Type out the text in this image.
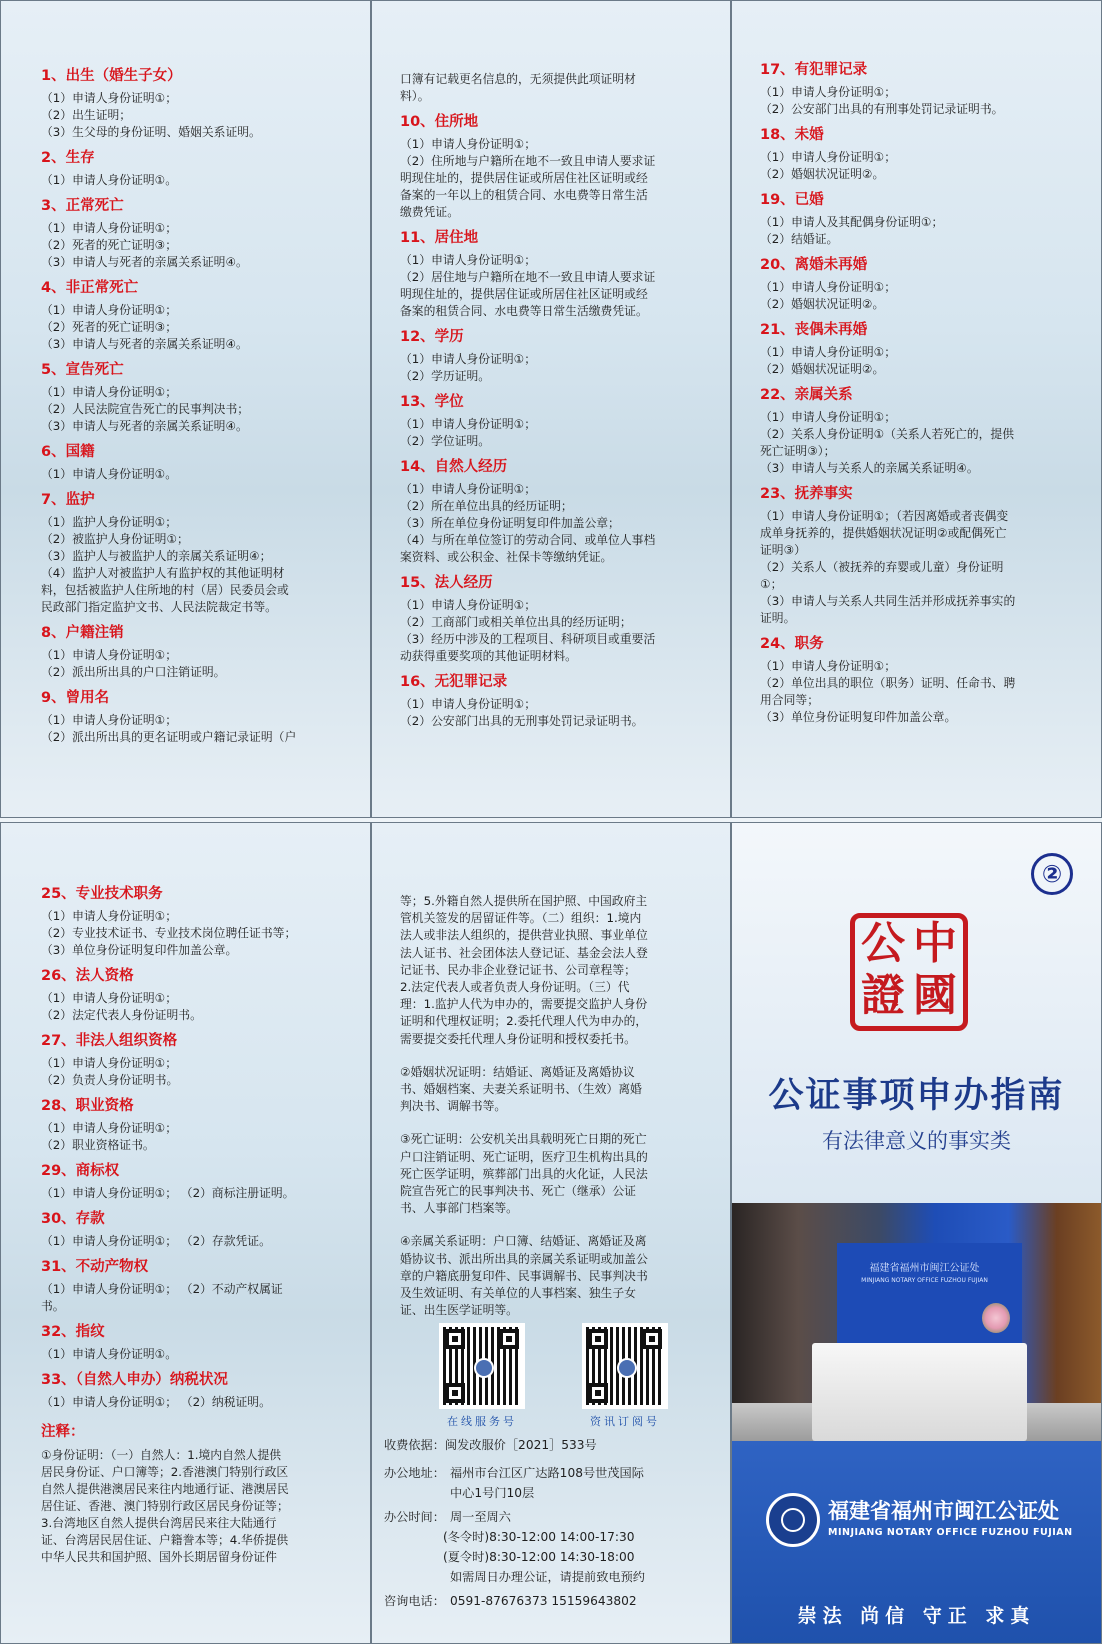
1、出生（婚生子女）
（1）申请人身份证明①；
（2）出生证明；
（3）生父母的身份证明、婚姻关系证明。
2、生存
（1）申请人身份证明①。
3、正常死亡
（1）申请人身份证明①；
（2）死者的死亡证明③；
（3）申请人与死者的亲属关系证明④。
4、非正常死亡
（1）申请人身份证明①；
（2）死者的死亡证明③；
（3）申请人与死者的亲属关系证明④。
5、宣告死亡
（1）申请人身份证明①；
（2）人民法院宣告死亡的民事判决书；
（3）申请人与死者的亲属关系证明④。
6、国籍
（1）申请人身份证明①。
7、监护
（1）监护人身份证明①；
（2）被监护人身份证明①；
（3）监护人与被监护人的亲属关系证明④；
（4）监护人对被监护人有监护权的其他证明材
料，包括被监护人住所地的村（居）民委员会或
民政部门指定监护文书、人民法院裁定书等。
8、户籍注销
（1）申请人身份证明①；
（2）派出所出具的户口注销证明。
9、曾用名
（1）申请人身份证明①；
（2）派出所出具的更名证明或户籍记录证明（户
口簿有记载更名信息的，无须提供此项证明材
料）。
10、住所地
（1）申请人身份证明①；
（2）住所地与户籍所在地不一致且申请人要求证
明现住址的，提供居住证或所居住社区证明或经
备案的一年以上的租赁合同、水电费等日常生活
缴费凭证。
11、居住地
（1）申请人身份证明①；
（2）居住地与户籍所在地不一致且申请人要求证
明现住址的，提供居住证或所居住社区证明或经
备案的租赁合同、水电费等日常生活缴费凭证。
12、学历
（1）申请人身份证明①；
（2）学历证明。
13、学位
（1）申请人身份证明①；
（2）学位证明。
14、自然人经历
（1）申请人身份证明①；
（2）所在单位出具的经历证明；
（3）所在单位身份证明复印件加盖公章；
（4）与所在单位签订的劳动合同、或单位人事档
案资料、或公积金、社保卡等缴纳凭证。
15、法人经历
（1）申请人身份证明①；
（2）工商部门或相关单位出具的经历证明；
（3）经历中涉及的工程项目、科研项目或重要活
动获得重要奖项的其他证明材料。
16、无犯罪记录
（1）申请人身份证明①；
（2）公安部门出具的无刑事处罚记录证明书。
17、有犯罪记录
（1）申请人身份证明①；
（2）公安部门出具的有刑事处罚记录证明书。
18、未婚
（1）申请人身份证明①；
（2）婚姻状况证明②。
19、已婚
（1）申请人及其配偶身份证明①；
（2）结婚证。
20、离婚未再婚
（1）申请人身份证明①；
（2）婚姻状况证明②。
21、丧偶未再婚
（1）申请人身份证明①；
（2）婚姻状况证明②。
22、亲属关系
（1）申请人身份证明①；
（2）关系人身份证明①（关系人若死亡的，提供
死亡证明③）；
（3）申请人与关系人的亲属关系证明④。
23、抚养事实
（1）申请人身份证明①；（若因离婚或者丧偶变
成单身抚养的，提供婚姻状况证明②或配偶死亡
证明③）
（2）关系人（被抚养的弃婴或儿童）身份证明
①；
（3）申请人与关系人共同生活并形成抚养事实的
证明。
24、职务
（1）申请人身份证明①；
（2）单位出具的职位（职务）证明、任命书、聘
用合同等；
（3）单位身份证明复印件加盖公章。
25、专业技术职务
（1）申请人身份证明①；
（2）专业技术证书、专业技术岗位聘任证书等；
（3）单位身份证明复印件加盖公章。
26、法人资格
（1）申请人身份证明①；
（2）法定代表人身份证明书。
27、非法人组织资格
（1）申请人身份证明①；
（2）负责人身份证明书。
28、职业资格
（1）申请人身份证明①；
（2）职业资格证书。
29、商标权
（1）申请人身份证明①； （2）商标注册证明。
30、存款
（1）申请人身份证明①； （2）存款凭证。
31、不动产物权
（1）申请人身份证明①； （2）不动产权属证
书。
32、指纹
（1）申请人身份证明①。
33、（自然人申办）纳税状况
（1）申请人身份证明①； （2）纳税证明。
注释：
①身份证明：（一）自然人：1.境内自然人提供
居民身份证、户口簿等；2.香港澳门特别行政区
自然人提供港澳居民来往内地通行证、港澳居民
居住证、香港、澳门特别行政区居民身份证等；
3.台湾地区自然人提供台湾居民来往大陆通行
证、台湾居民居住证、户籍誊本等；4.华侨提供
中华人民共和国护照、国外长期居留身份证件
等；5.外籍自然人提供所在国护照、中国政府主
管机关签发的居留证件等。（二）组织：1.境内
法人或非法人组织的，提供营业执照、事业单位
法人证书、社会团体法人登记证、基金会法人登
记证书、民办非企业登记证书、公司章程等；
2.法定代表人或者负责人身份证明。（三）代
理：1.监护人代为申办的，需要提交监护人身份
证明和代理权证明；2.委托代理人代为申办的，
需要提交委托代理人身份证明和授权委托书。
②婚姻状况证明：结婚证、离婚证及离婚协议
书、婚姻档案、夫妻关系证明书、（生效）离婚
判决书、调解书等。
③死亡证明：公安机关出具载明死亡日期的死亡
户口注销证明、死亡证明，医疗卫生机构出具的
死亡医学证明，殡葬部门出具的火化证，人民法
院宣告死亡的民事判决书、死亡（继承）公证
书、人事部门档案等。
④亲属关系证明：户口簿、结婚证、离婚证及离
婚协议书、派出所出具的亲属关系证明或加盖公
章的户籍底册复印件、民事调解书、民事判决书
及生效证明、有关单位的人事档案、独生子女
证、出生医学证明等。
在线服务号	资讯订阅号
收费依据：闽发改服价［2021］533号
办公地址： 福州市台江区广达路108号世茂国际
中心1号门10层
办公时间： 周一至周六
(冬令时)8:30-12:00 14:00-17:30
(夏令时)8:30-12:00 14:30-18:00
如需周日办理公证，请提前致电预约
咨询电话： 0591-87676373 15159643802
②
中
國
公
證
公证事项申办指南
有法律意义的事实类
福建省福州市闽江公证处
MINJIANG NOTARY OFFICE FUZHOU FUJIAN
福建省福州市闽江公证处
MINJIANG NOTARY OFFICE FUZHOU FUJIAN
崇法 尚信 守正 求真
